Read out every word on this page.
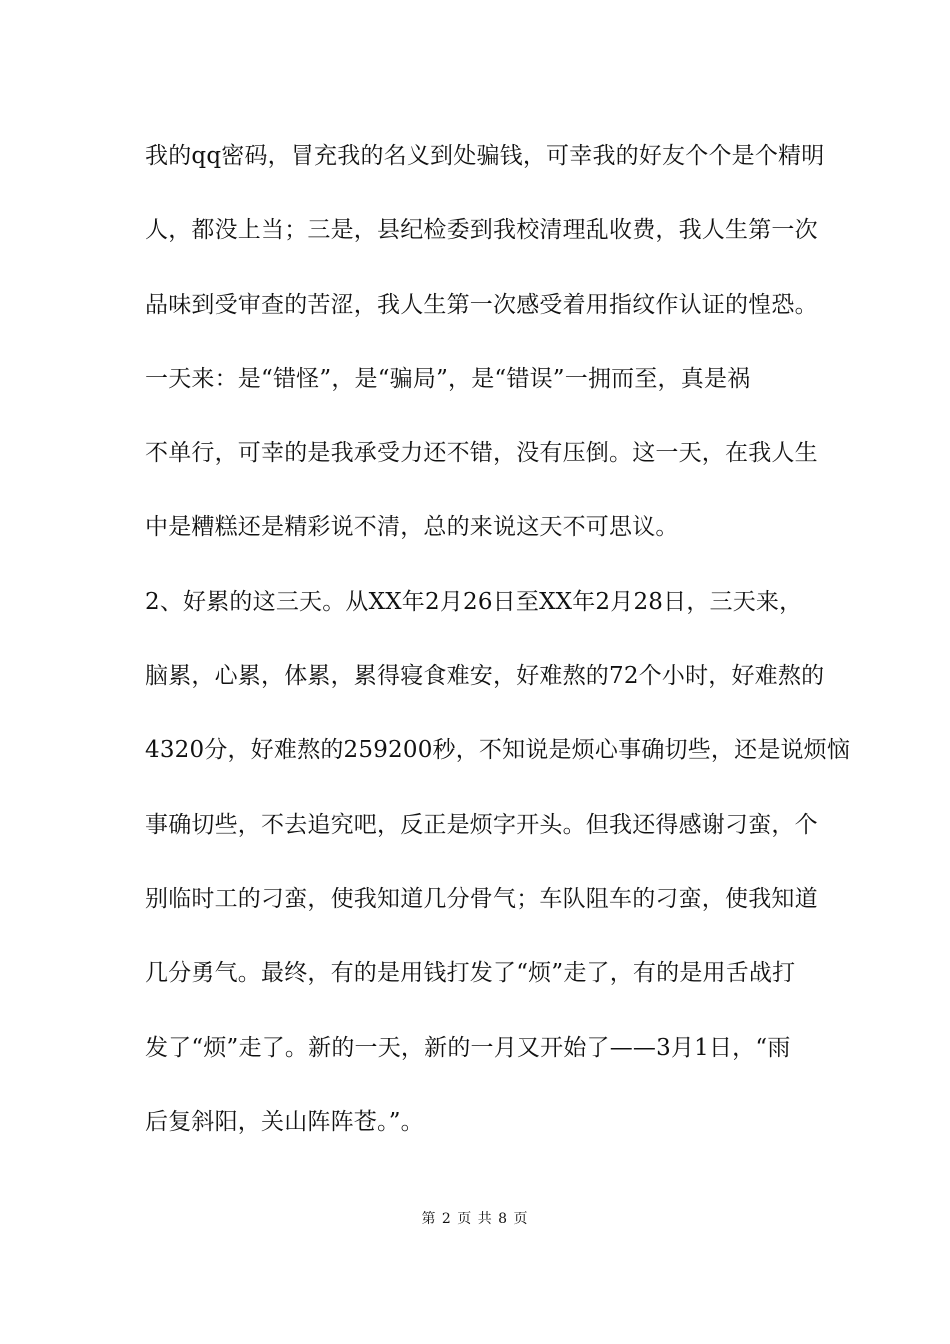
我的qq密码，冒充我的名义到处骗钱，可幸我的好友个个是个精明
人，都没上当；三是，县纪检委到我校清理乱收费，我人生第一次
品味到受审查的苦涩，我人生第一次感受着用指纹作认证的惶恐。
一天来：是“错怪”，是“骗局”，是“错误”一拥而至，真是祸
不单行，可幸的是我承受力还不错，没有压倒。这一天，在我人生
中是糟糕还是精彩说不清，总的来说这天不可思议。
2、好累的这三天。从XX年2月26日至XX年2月28日，三天来，
脑累，心累，体累，累得寝食难安，好难熬的72个小时，好难熬的
4320分，好难熬的259200秒，不知说是烦心事确切些，还是说烦恼
事确切些，不去追究吧，反正是烦字开头。但我还得感谢刁蛮，个
别临时工的刁蛮，使我知道几分骨气；车队阻车的刁蛮，使我知道
几分勇气。最终，有的是用钱打发了“烦”走了，有的是用舌战打
发了“烦”走了。新的一天，新的一月又开始了——3月1日，“雨
后复斜阳，关山阵阵苍。”。
第 2 页 共 8 页
